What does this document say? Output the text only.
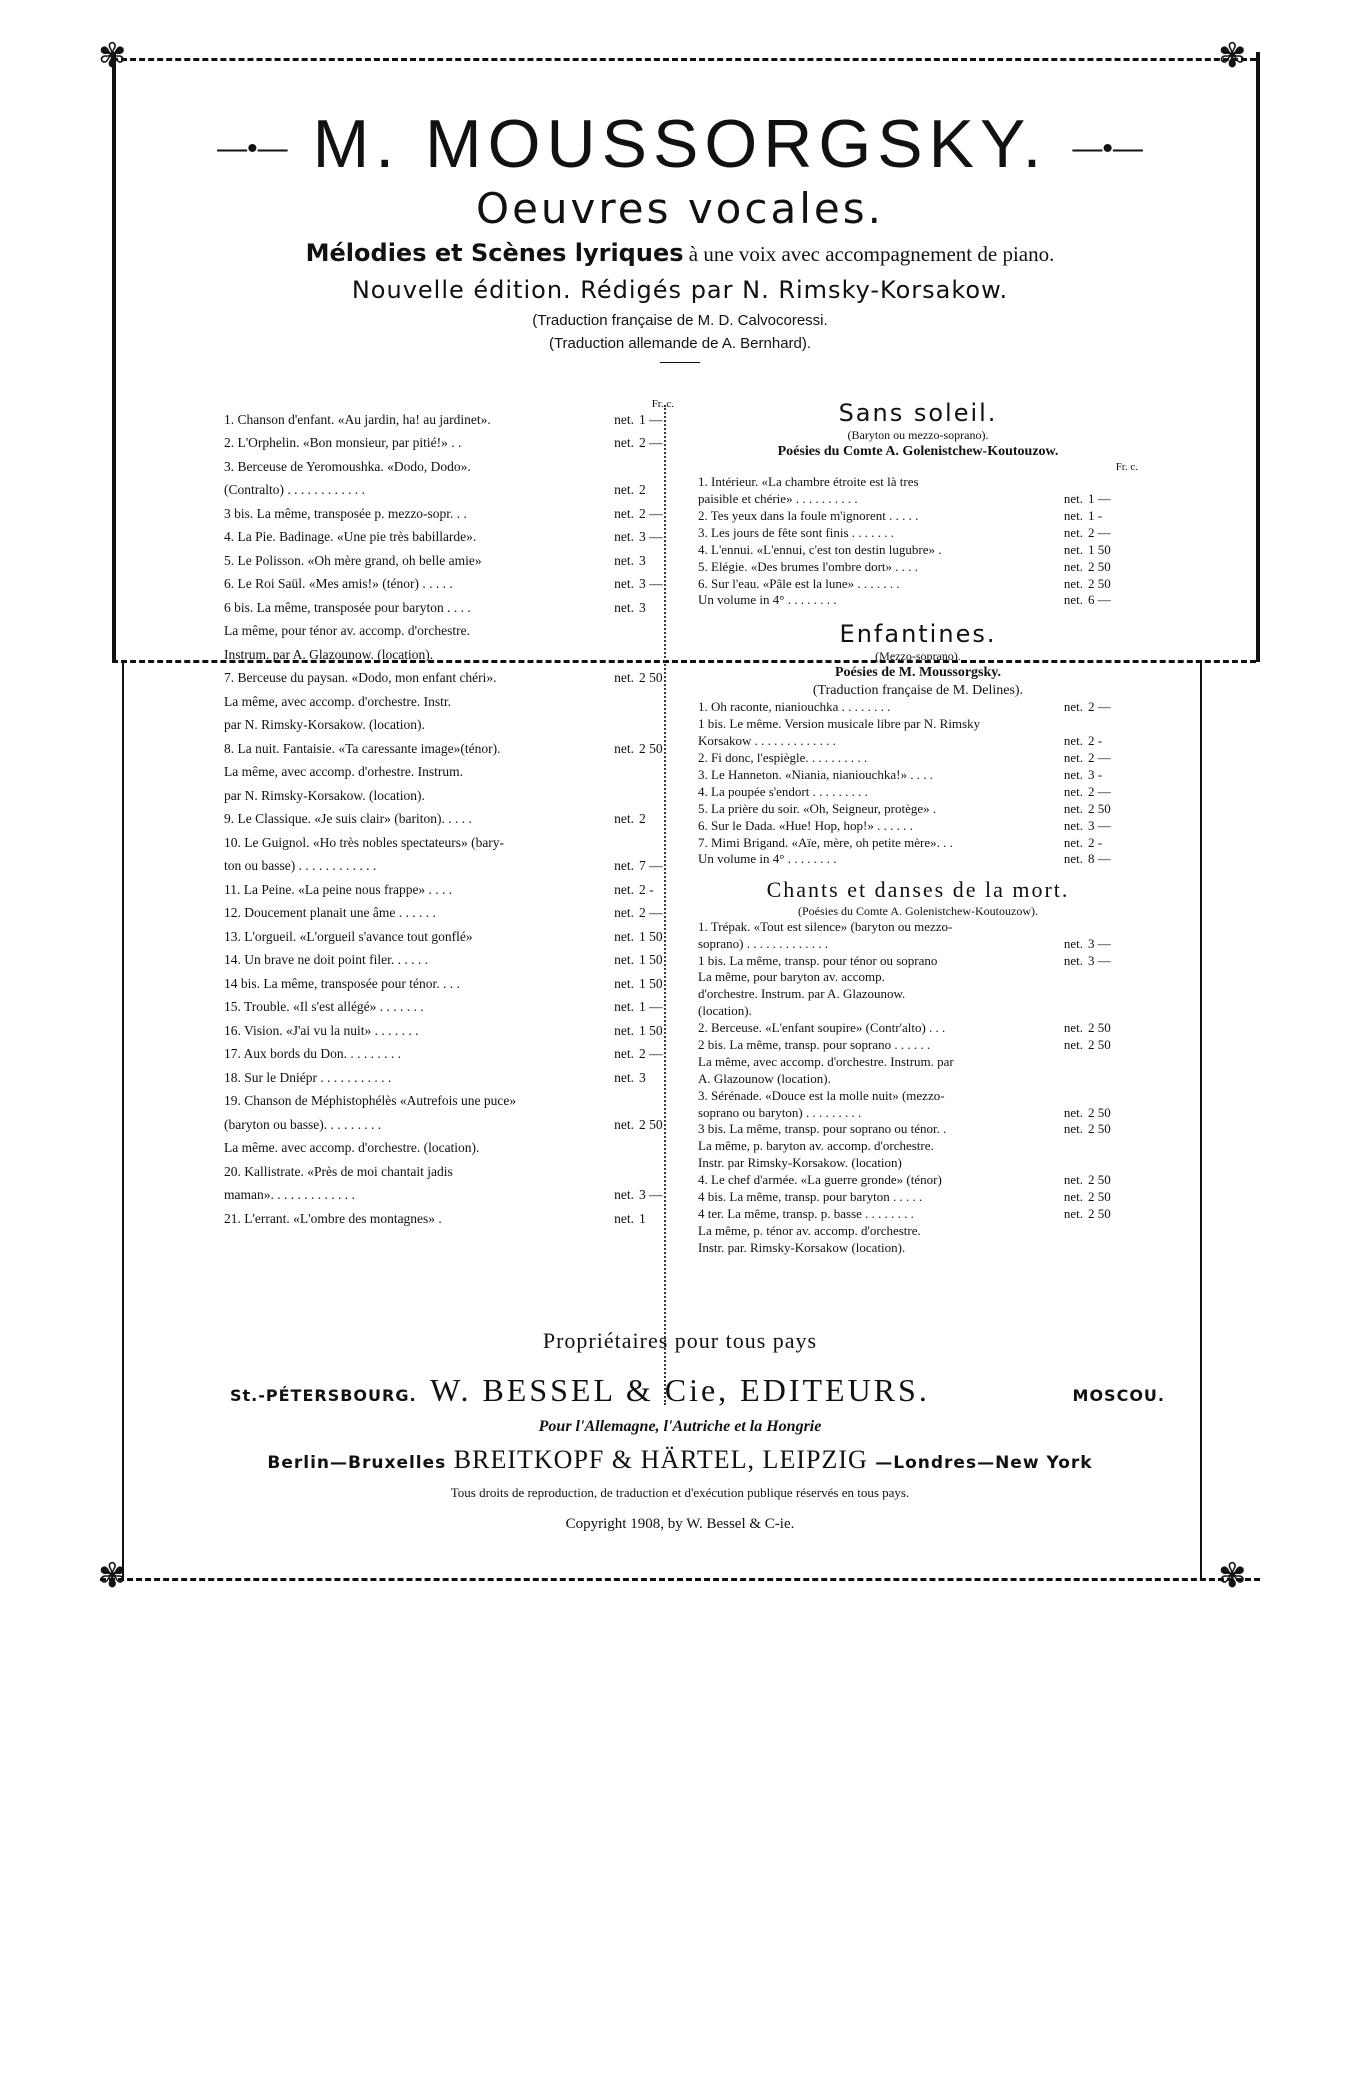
✾	✾
✾	✾
—•— M. MOUSSORGSKY. —•—
Oeuvres vocales.
Mélodies et Scènes lyriques à une voix avec accompagnement de piano.
Nouvelle édition. Rédigés par N. Rimsky-Korsakow.
(Traduction française de M. D. Calvocoressi.
(Traduction allemande de A. Bernhard).
Fr. c.
1. Chanson d'enfant. «Au jardin, ha! au jardinet».	net. 1 —
2. L'Orphelin. «Bon monsieur, par pitié!» . .	net. 2 —
3. Berceuse de Yeromoushka. «Dodo, Dodo».
(Contralto) . . . . . . . . . . . .	net. 2
3 bis. La même, transposée p. mezzo-sopr. . .	net. 2 —
4. La Pie. Badinage. «Une pie très babillarde».	net. 3 —
5. Le Polisson. «Oh mère grand, oh belle amie»	net. 3
6. Le Roi Saül. «Mes amis!» (ténor) . . . . .	net. 3 —
6 bis. La même, transposée pour baryton . . . .	net. 3
La même, pour ténor av. accomp. d'orchestre.
Instrum. par A. Glazounow. (location).
7. Berceuse du paysan. «Dodo, mon enfant chéri».	net. 2 50
La même, avec accomp. d'orchestre. Instr.
par N. Rimsky-Korsakow. (location).
8. La nuit. Fantaisie. «Ta caressante image»(ténor).	net. 2 50
La même, avec accomp. d'orhestre. Instrum.
par N. Rimsky-Korsakow. (location).
9. Le Classique. «Je suis clair» (bariton). . . . .	net. 2
10. Le Guignol. «Ho très nobles spectateurs» (bary-
ton ou basse) . . . . . . . . . . . .	net. 7 —
11. La Peine. «La peine nous frappe» . . . .	net. 2 -
12. Doucement planait une âme . . . . . .	net. 2 —
13. L'orgueil. «L'orgueil s'avance tout gonflé»	net. 1 50
14. Un brave ne doit point filer. . . . . .	net. 1 50
14 bis. La même, transposée pour ténor. . . .	net. 1 50
15. Trouble. «Il s'est allégé» . . . . . . .	net. 1 —
16. Vision. «J'ai vu la nuit» . . . . . . .	net. 1 50
17. Aux bords du Don. . . . . . . . .	net. 2 —
18. Sur le Dniépr . . . . . . . . . . .	net. 3
19. Chanson de Méphistophélès «Autrefois une puce»
(baryton ou basse). . . . . . . . .	net. 2 50
La même. avec accomp. d'orchestre. (location).
20. Kallistrate. «Près de moi chantait jadis
maman». . . . . . . . . . . . .	net. 3 —
21. L'errant. «L'ombre des montagnes» .	net. 1
Sans soleil.
(Baryton ou mezzo-soprano).
Poésies du Comte A. Golenistchew-Koutouzow.
Fr. c.
1. Intérieur. «La chambre étroite est là tres
paisible et chérie» . . . . . . . . . .	net. 1 —
2. Tes yeux dans la foule m'ignorent . . . . .	net. 1 -
3. Les jours de fête sont finis . . . . . . .	net. 2 —
4. L'ennui. «L'ennui, c'est ton destin lugubre» .	net. 1 50
5. Elégie. «Des brumes l'ombre dort» . . . .	net. 2 50
6. Sur l'eau. «Pâle est la lune» . . . . . . .	net. 2 50
Un volume in 4° . . . . . . . .	net. 6 —
Enfantines.
(Mezzo-soprano).
Poésies de M. Moussorgsky.
(Traduction française de M. Delines).
1. Oh raconte, nianiouchka . . . . . . . .	net. 2 —
1 bis. Le même. Version musicale libre par N. Rimsky
Korsakow . . . . . . . . . . . . .	net. 2 -
2. Fi donc, l'espiègle. . . . . . . . . .	net. 2 —
3. Le Hanneton. «Niania, nianiouchka!» . . . .	net. 3 -
4. La poupée s'endort . . . . . . . . .	net. 2 —
5. La prière du soir. «Oh, Seigneur, protège» .	net. 2 50
6. Sur le Dada. «Hue! Hop, hop!» . . . . . .	net. 3 —
7. Mimi Brigand. «Aïe, mère, oh petite mère». . .	net. 2 -
Un volume in 4° . . . . . . . .	net. 8 —
Chants et danses de la mort.
(Poésies du Comte A. Golenistchew-Koutouzow).
1. Trépak. «Tout est silence» (baryton ou mezzo-
soprano) . . . . . . . . . . . . .	net. 3 —
1 bis. La même, transp. pour ténor ou soprano	net. 3 —
La même, pour baryton av. accomp.
d'orchestre. Instrum. par A. Glazounow.
(location).
2. Berceuse. «L'enfant soupire» (Contr'alto) . . .	net. 2 50
2 bis. La même, transp. pour soprano . . . . . .	net. 2 50
La même, avec accomp. d'orchestre. Instrum. par
A. Glazounow (location).
3. Sérénade. «Douce est la molle nuit» (mezzo-
soprano ou baryton) . . . . . . . . .	net. 2 50
3 bis. La même, transp. pour soprano ou ténor. .	net. 2 50
La même, p. baryton av. accomp. d'orchestre.
Instr. par Rimsky-Korsakow. (location)
4. Le chef d'armée. «La guerre gronde» (ténor)	net. 2 50
4 bis. La même, transp. pour baryton . . . . .	net. 2 50
4 ter. La même, transp. p. basse . . . . . . . .	net. 2 50
La même, p. ténor av. accomp. d'orchestre.
Instr. par. Rimsky-Korsakow (location).
Propriétaires pour tous pays
St.-PÉTERSBOURG. W. BESSEL & Cie, EDITEURS.	MOSCOU.
Pour l'Allemagne, l'Autriche et la Hongrie
Berlin—Bruxelles BREITKOPF & HÄRTEL, LEIPZIG —Londres—New York
Tous droits de reproduction, de traduction et d'exécution publique réservés en tous pays.
Copyright 1908, by W. Bessel & C-ie.
